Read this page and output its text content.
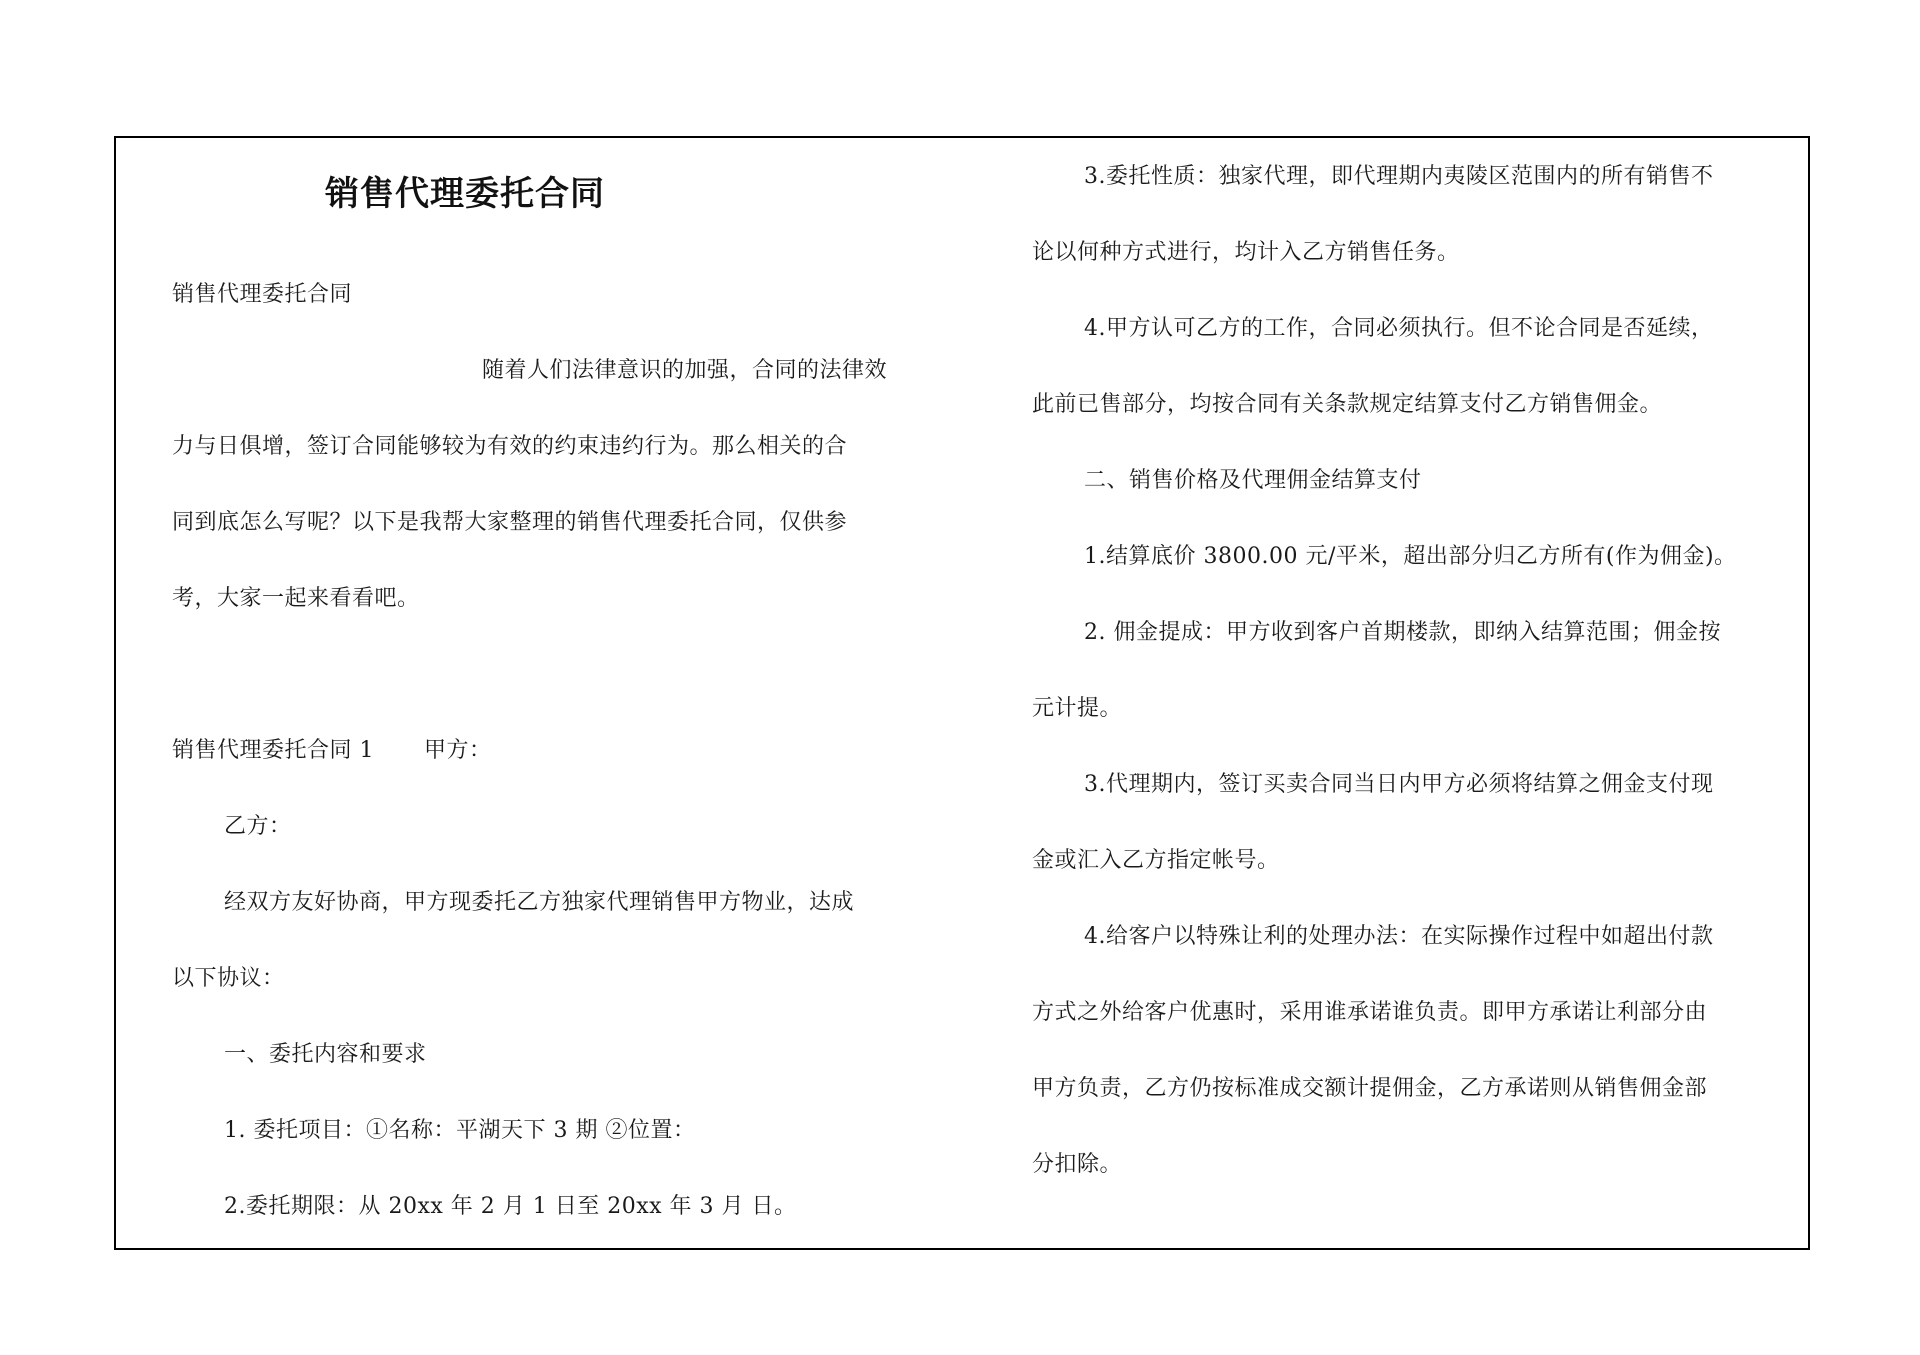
销售代理委托合同
销售代理委托合同
随着人们法律意识的加强，合同的法律效
力与日俱增，签订合同能够较为有效的约束违约行为。那么相关的合
同到底怎么写呢？以下是我帮大家整理的销售代理委托合同，仅供参
考，大家一起来看看吧。
销售代理委托合同 1 甲方：
乙方：
经双方友好协商，甲方现委托乙方独家代理销售甲方物业，达成
以下协议：
一、委托内容和要求
1. 委托项目：①名称：平湖天下 3 期 ②位置：
2.委托期限：从 20xx 年 2 月 1 日至 20xx 年 3 月 日。
3.委托性质：独家代理，即代理期内夷陵区范围内的所有销售不
论以何种方式进行，均计入乙方销售任务。
4.甲方认可乙方的工作，合同必须执行。但不论合同是否延续，
此前已售部分，均按合同有关条款规定结算支付乙方销售佣金。
二、销售价格及代理佣金结算支付
1.结算底价 3800.00 元/平米，超出部分归乙方所有(作为佣金)。
2. 佣金提成：甲方收到客户首期楼款，即纳入结算范围；佣金按
元计提。
3.代理期内，签订买卖合同当日内甲方必须将结算之佣金支付现
金或汇入乙方指定帐号。
4.给客户以特殊让利的处理办法：在实际操作过程中如超出付款
方式之外给客户优惠时，采用谁承诺谁负责。即甲方承诺让利部分由
甲方负责，乙方仍按标准成交额计提佣金，乙方承诺则从销售佣金部
分扣除。
